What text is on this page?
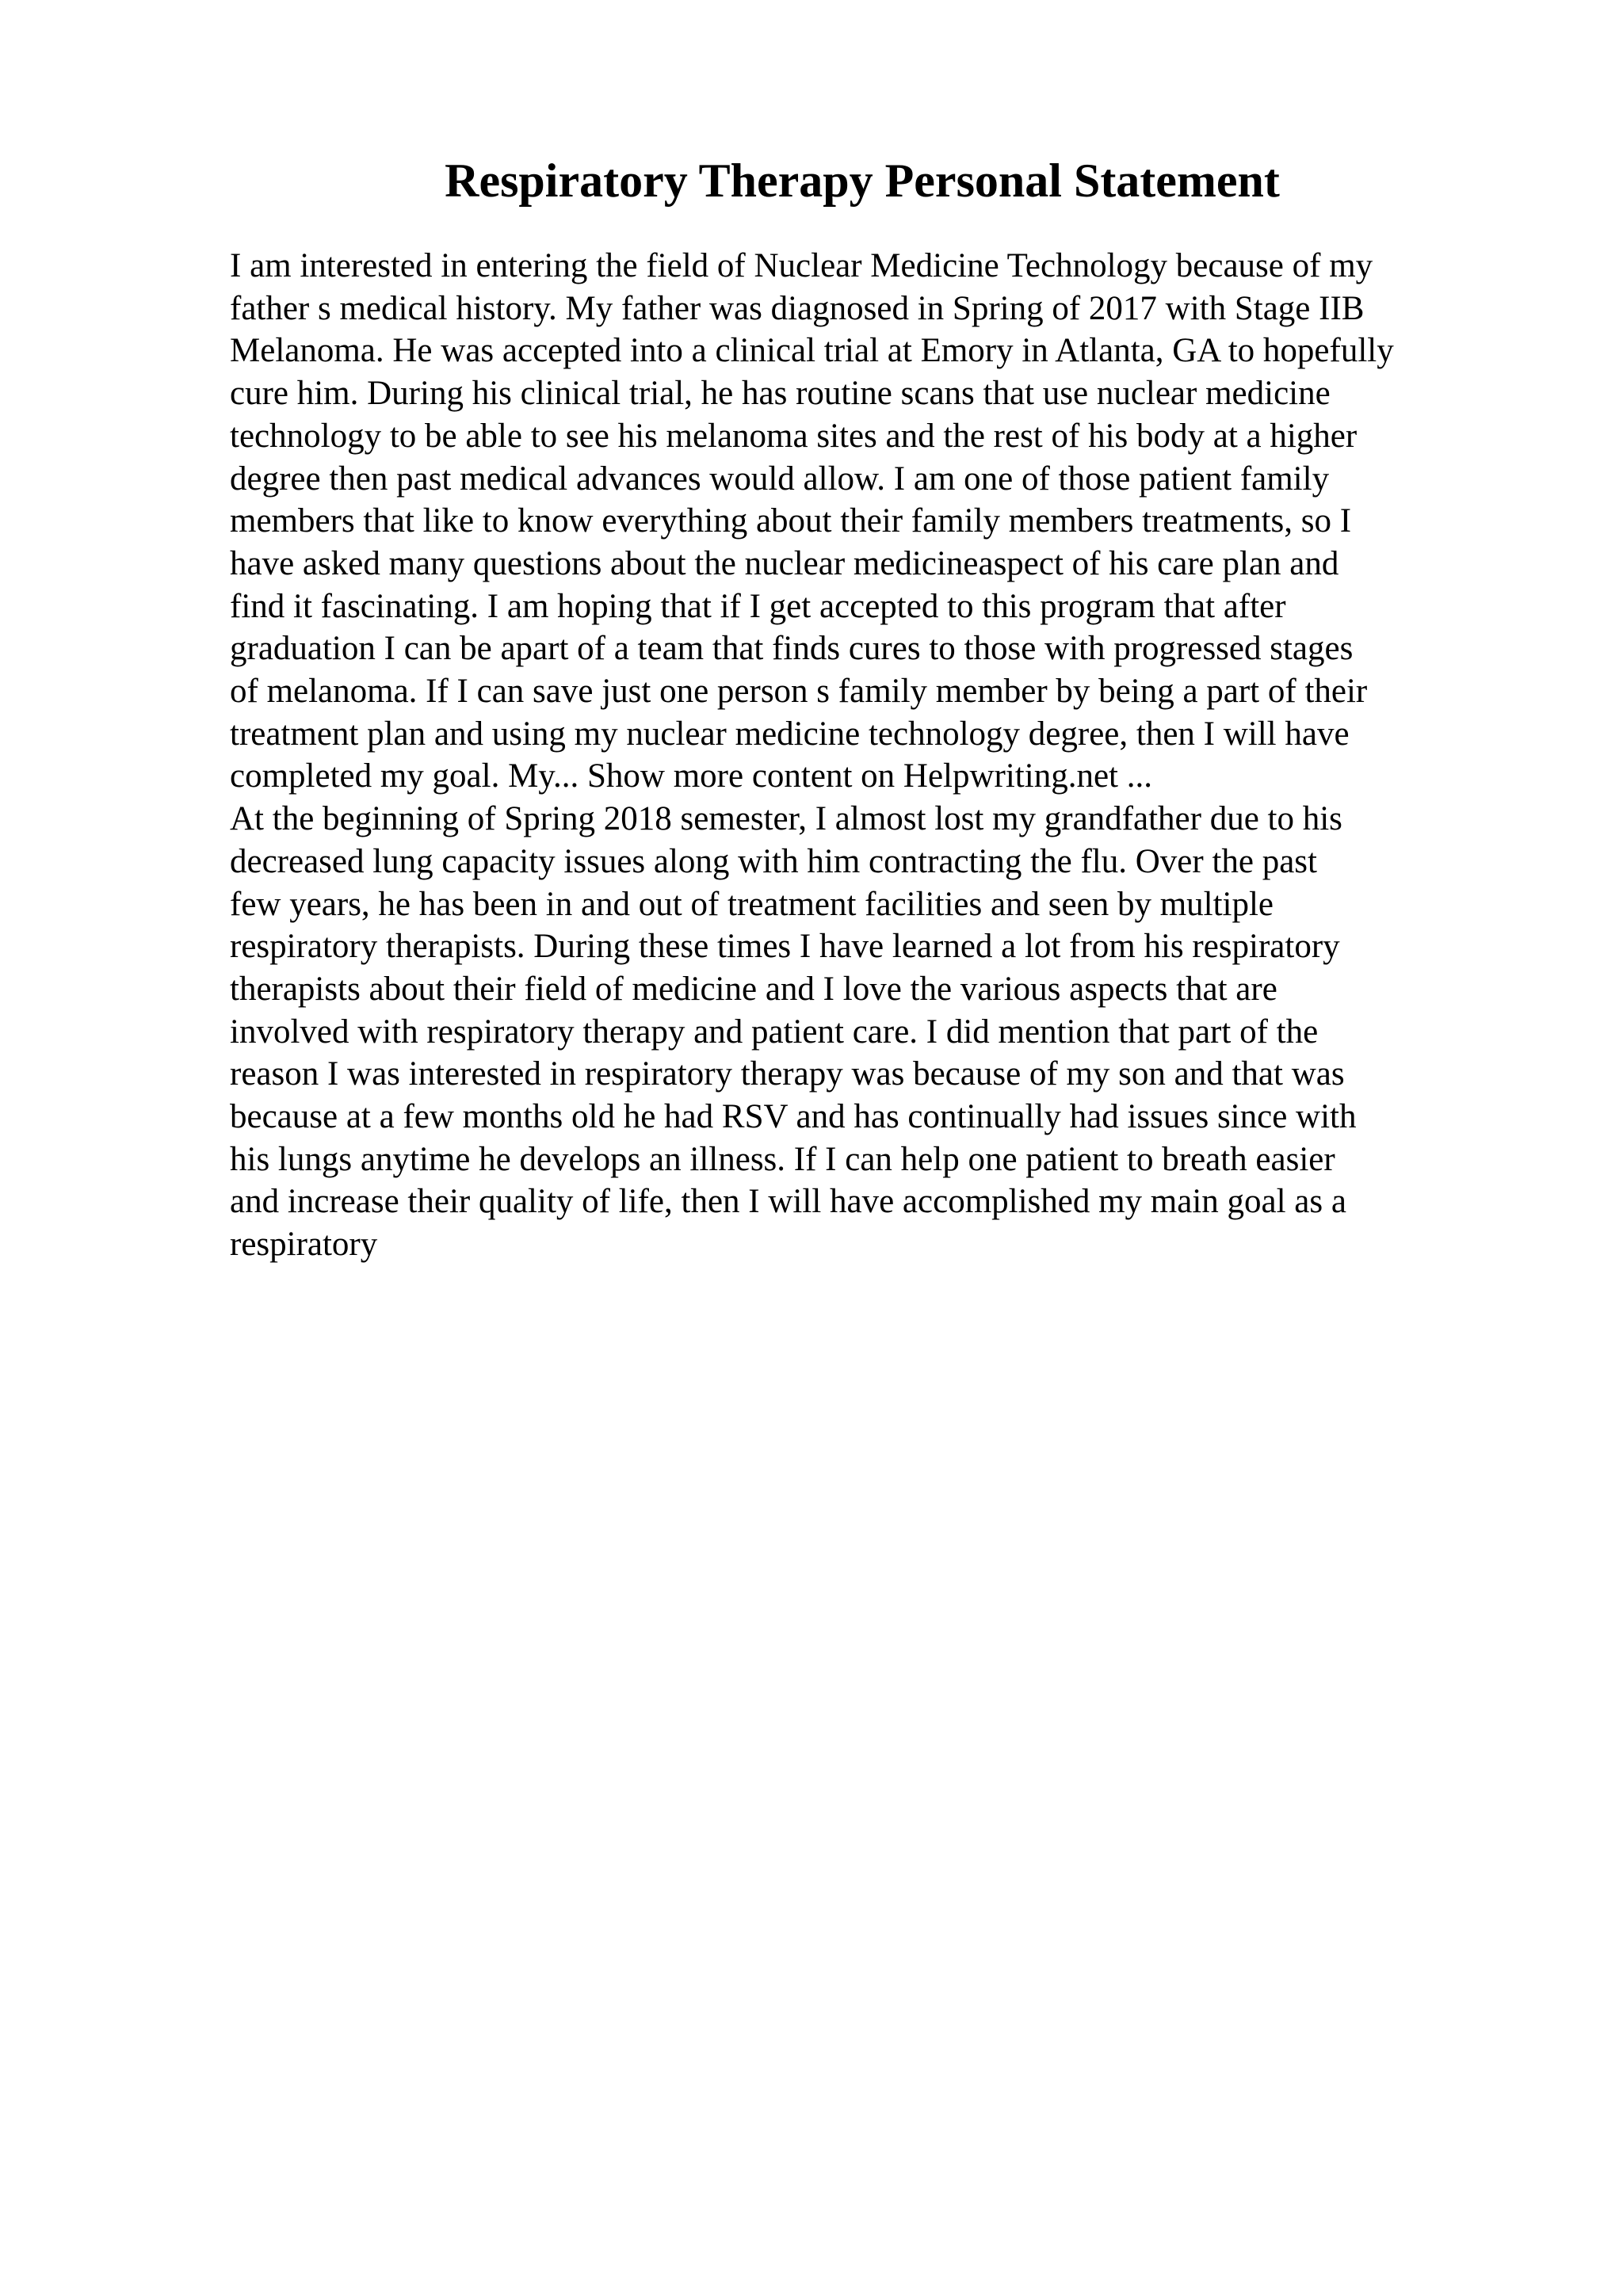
Respiratory Therapy Personal Statement
I am interested in entering the field of Nuclear Medicine Technology because of my
father s medical history. My father was diagnosed in Spring of 2017 with Stage IIB
Melanoma. He was accepted into a clinical trial at Emory in Atlanta, GA to hopefully
cure him. During his clinical trial, he has routine scans that use nuclear medicine
technology to be able to see his melanoma sites and the rest of his body at a higher
degree then past medical advances would allow. I am one of those patient family
members that like to know everything about their family members treatments, so I
have asked many questions about the nuclear medicineaspect of his care plan and
find it fascinating. I am hoping that if I get accepted to this program that after
graduation I can be apart of a team that finds cures to those with progressed stages
of melanoma. If I can save just one person s family member by being a part of their
treatment plan and using my nuclear medicine technology degree, then I will have
completed my goal. My... Show more content on Helpwriting.net ...
At the beginning of Spring 2018 semester, I almost lost my grandfather due to his
decreased lung capacity issues along with him contracting the flu. Over the past
few years, he has been in and out of treatment facilities and seen by multiple
respiratory therapists. During these times I have learned a lot from his respiratory
therapists about their field of medicine and I love the various aspects that are
involved with respiratory therapy and patient care. I did mention that part of the
reason I was interested in respiratory therapy was because of my son and that was
because at a few months old he had RSV and has continually had issues since with
his lungs anytime he develops an illness. If I can help one patient to breath easier
and increase their quality of life, then I will have accomplished my main goal as a
respiratory
